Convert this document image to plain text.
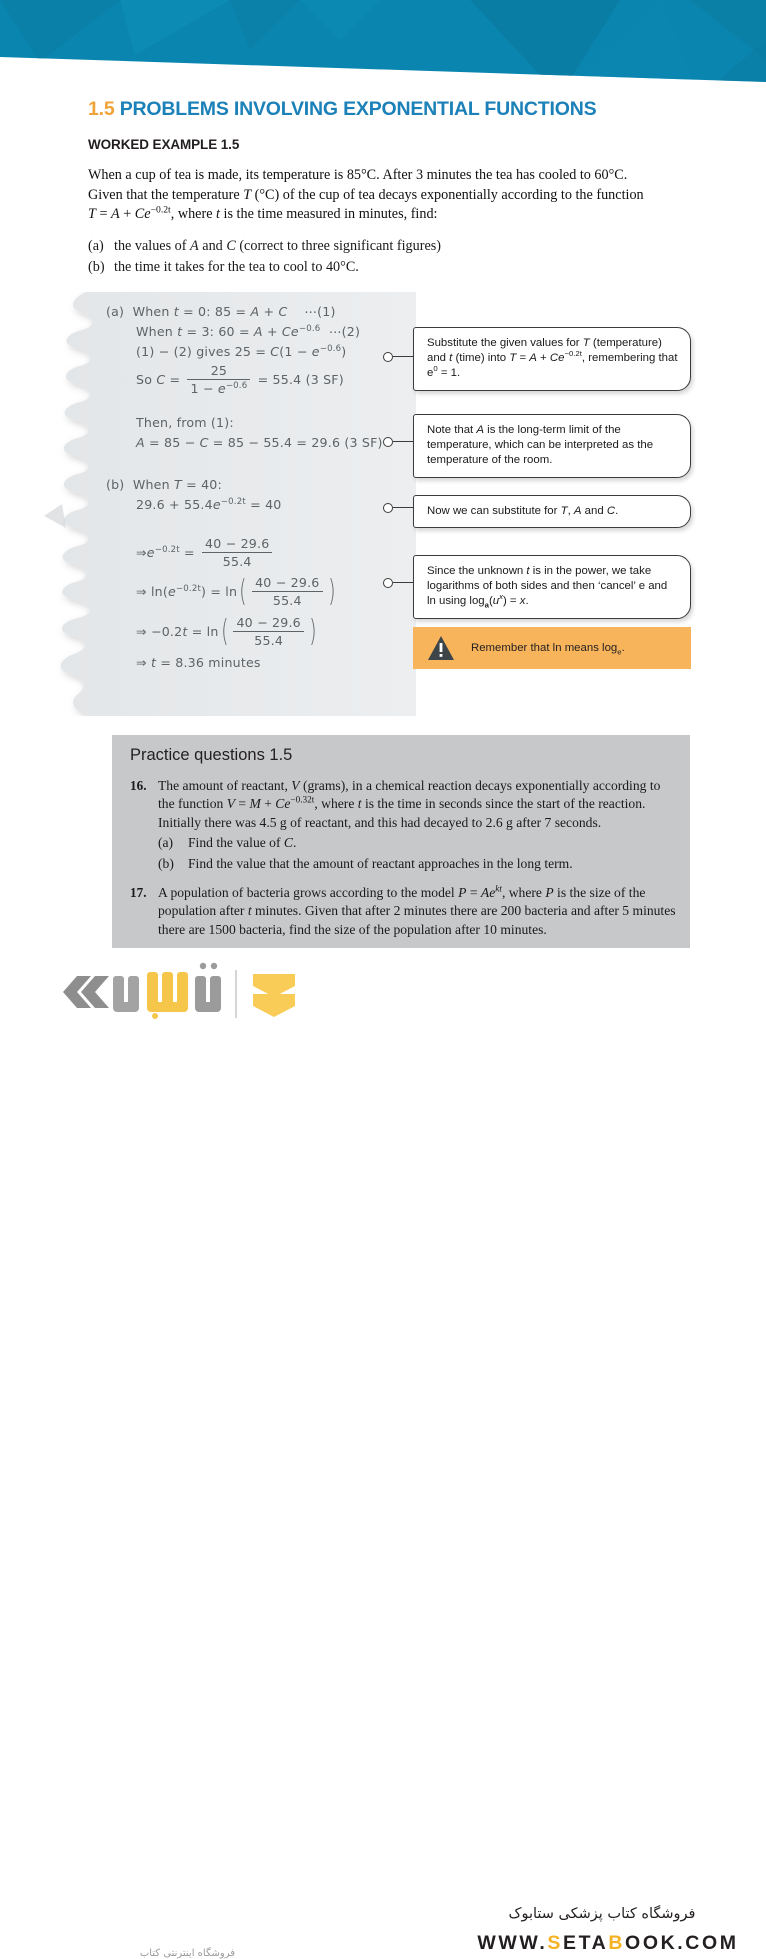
1.5 PROBLEMS INVOLVING EXPONENTIAL FUNCTIONS
WORKED EXAMPLE 1.5

When a cup of tea is made, its temperature is 85°C. After 3 minutes the tea has cooled to 60°C.

Given that the temperature T (°C) of the cup of tea decays exponentially according to the function

$T = A + Ce^{-0.2t}$, where t is the time measured in minutes, find:

(a) the values of A and C (correct to three significant figures)
(b) the time it takes for the tea to cool to 40°C.
(a) When t = 0: 85 = A + C ⋯(1)
When t = 3: $60 = A + Ce^{-0.6}$ ⋯(2)
(1) − (2) gives $25 = C(1 - e^{-0.6})$
So $C = \frac{25}{1 - e^{-0.6}} = 55.4$ (3 SF)
Then, from (1):
A = 85 − C = 85 − 55.4 = 29.6 (3 SF)
(b) When T = 40:
$29.6 + 55.4e^{-0.2t} = 40$
$\Rightarrow e^{-0.2t} = \frac{40 - 29.6}{55.4}$
⇒ $\ln(e^{-0.2t}) = \ln( \frac{40 - 29.6}{55.4}$ )
⇒ $-0.2t = \ln( \frac{40 - 29.6}{55.4}$ )
⇒ t = 8.36 minutes
Substitute the given values for T (temperature)
and t (time) into $T = A + Ce^{-0.2t}$, remembering that
$e^0 = 1$.
Note that A is the long-term limit of the
temperature, which can be interpreted as the
temperature of the room.
Now we can substitute for T, A and C.
Since the unknown t is in the power, we take
logarithms of both sides and then ‘cancel’ e and
ln using $\log_a(u^x) = x$.
Remember that ln means $\log_e$.
Practice questions 1.5
16. The amount of reactant, V (grams), in a chemical reaction decays exponentially according to the function $V = M + Ce^{-0.32t}$, where t is the time in seconds since the start of the reaction. Initially there was 4.5 g of reactant, and this had decayed to 2.6 g after 7 seconds.
(a)	Find the value of C.
(b)	Find the value that the amount of reactant approaches in the long term.
17. A population of bacteria grows according to the model $P = Ae^{kt}$, where P is the size of the population after t minutes. Given that after 2 minutes there are 200 bacteria and after 5 minutes there are 1500 bacteria, find the size of the population after 10 minutes.
فروشگاه اینترنتی کتاب
فروشگاه کتاب پزشکی ستابوک
WWW.SETABOOK.COM
